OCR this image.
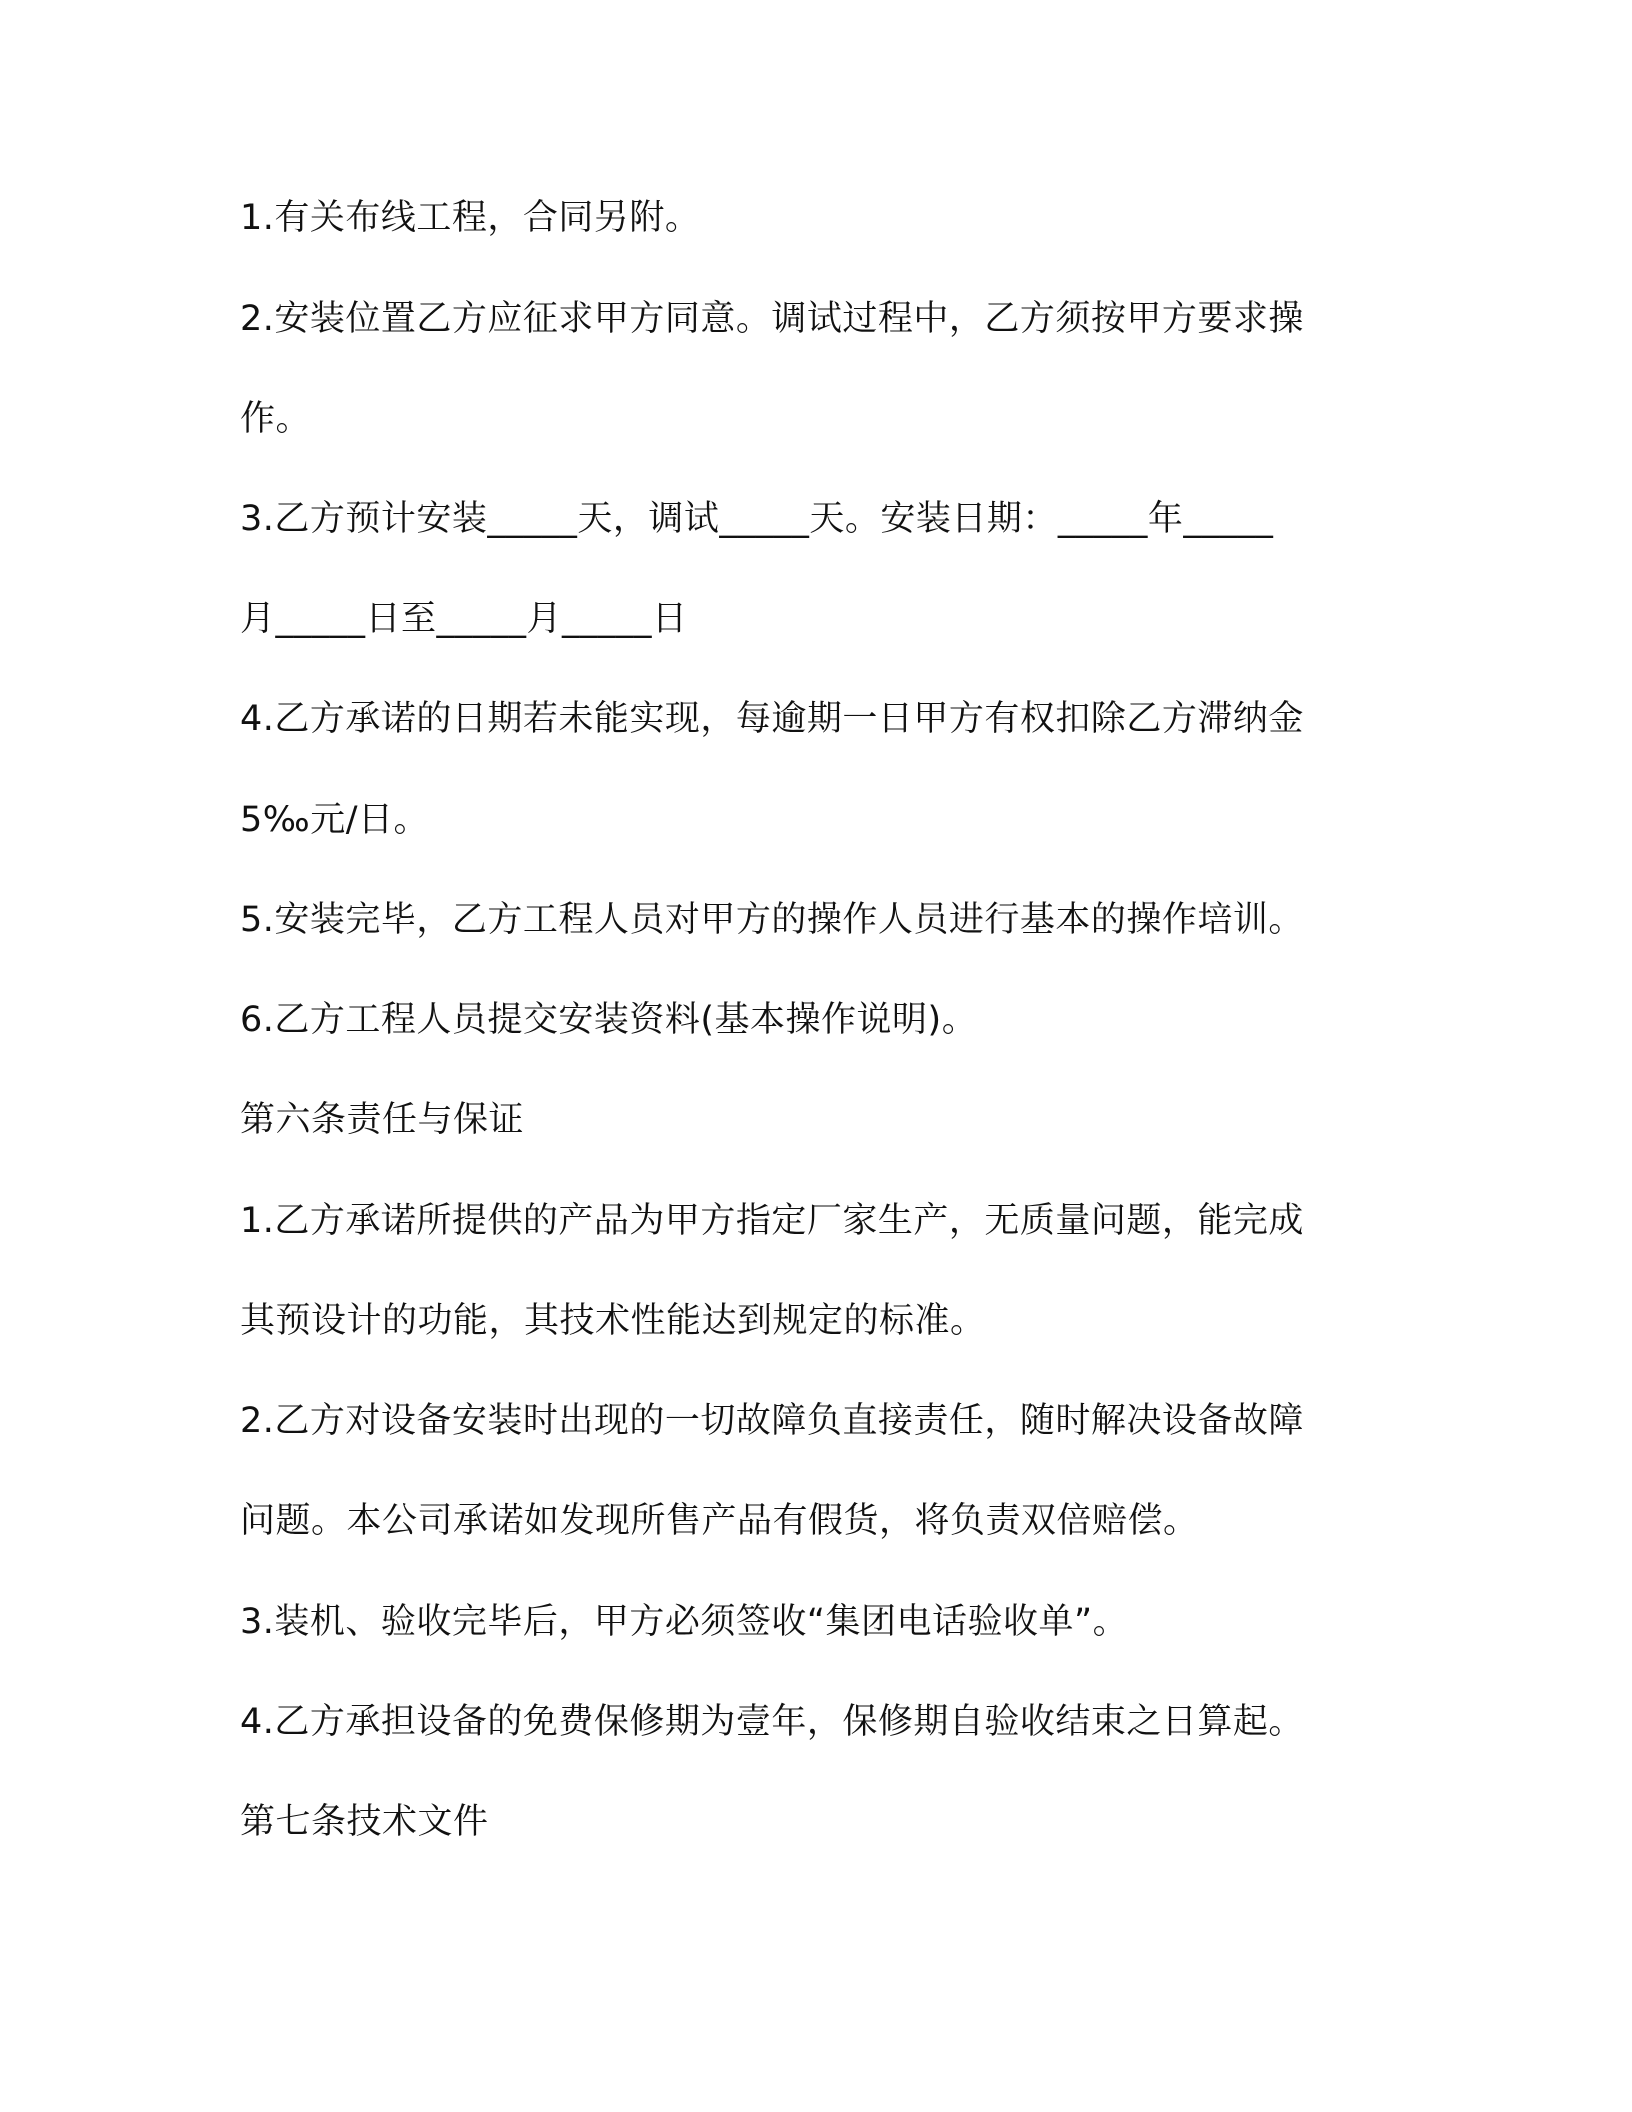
1.有关布线工程，合同另附。
2.安装位置乙方应征求甲方同意。调试过程中，乙方须按甲方要求操
作。
3.乙方预计安装_____天，调试_____天。安装日期：_____年_____
月_____日至_____月_____日
4.乙方承诺的日期若未能实现，每逾期一日甲方有权扣除乙方滞纳金
5‰元/日。
5.安装完毕，乙方工程人员对甲方的操作人员进行基本的操作培训。
6.乙方工程人员提交安装资料(基本操作说明)。
第六条责任与保证
1.乙方承诺所提供的产品为甲方指定厂家生产，无质量问题，能完成
其预设计的功能，其技术性能达到规定的标准。
2.乙方对设备安装时出现的一切故障负直接责任，随时解决设备故障
问题。本公司承诺如发现所售产品有假货，将负责双倍赔偿。
3.装机、验收完毕后，甲方必须签收“集团电话验收单”。
4.乙方承担设备的免费保修期为壹年，保修期自验收结束之日算起。
第七条技术文件
